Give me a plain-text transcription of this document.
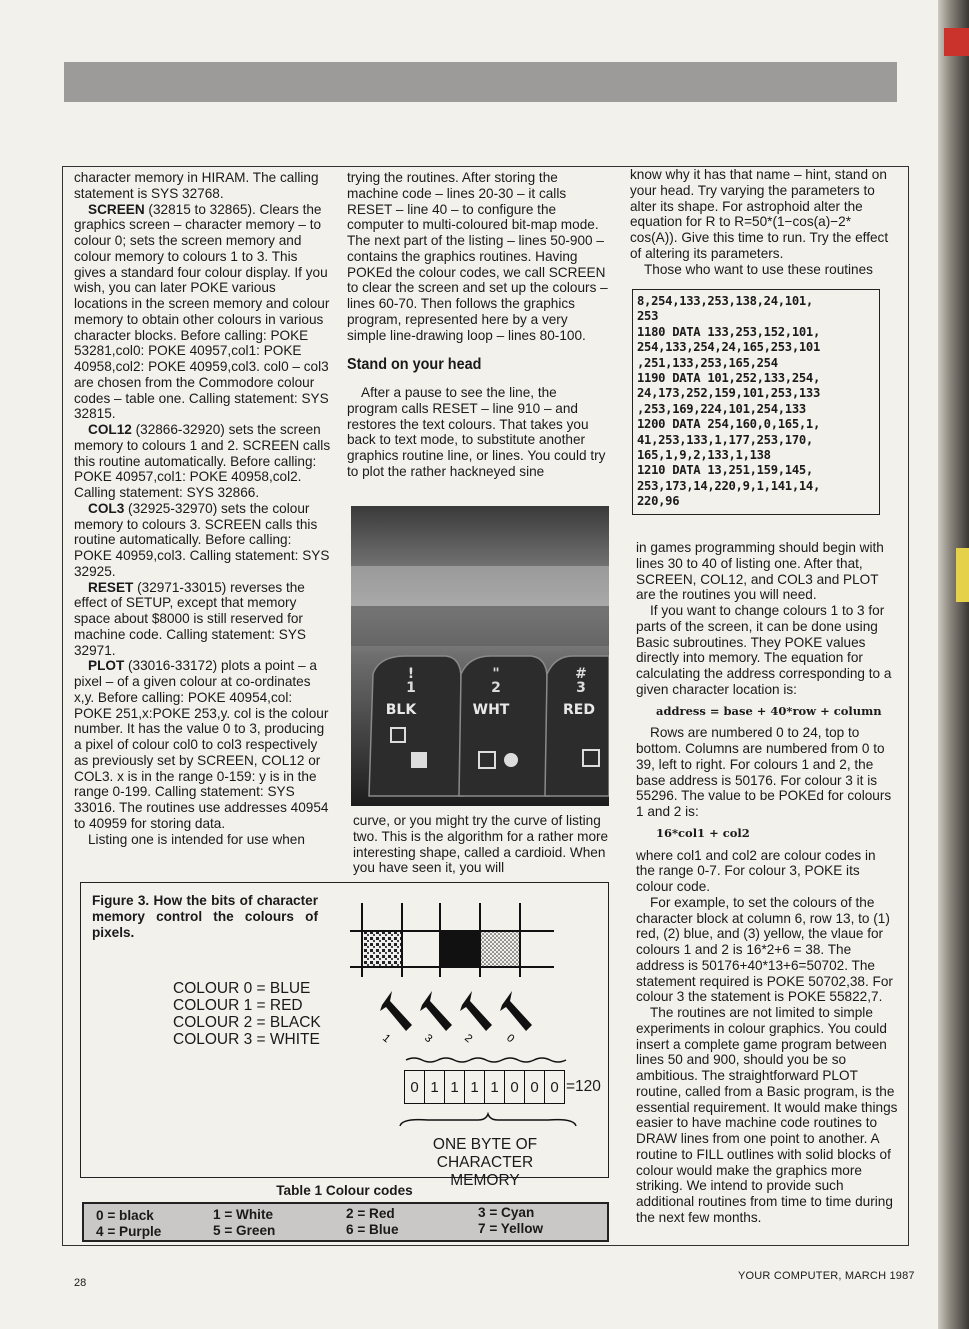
character memory in HIRAM. The calling statement is SYS 32768.

SCREEN (32815 to 32865). Clears the graphics screen – character memory – to colour 0; sets the screen memory and colour memory to colours 1 to 3. This gives a standard four colour display. If you wish, you can later POKE various locations in the screen memory and colour memory to obtain other colours in various character blocks. Before calling: POKE 53281,col0: POKE 40957,col1: POKE 40958,col2: POKE 40959,col3. col0 – col3 are chosen from the Commodore colour codes – table one. Calling statement: SYS 32815.

COL12 (32866-32920) sets the screen memory to colours 1 and 2. SCREEN calls this routine automatically. Before calling: POKE 40957,col1: POKE 40958,col2. Calling statement: SYS 32866.

COL3 (32925-32970) sets the colour memory to colours 3. SCREEN calls this routine automatically. Before calling: POKE 40959,col3. Calling statement: SYS 32925.

RESET (32971-33015) reverses the effect of SETUP, except that memory space about $8000 is still reserved for machine code. Calling statement: SYS 32971.

PLOT (33016-33172) plots a point – a pixel – of a given colour at co-ordinates x,y. Before calling: POKE 40954,col: POKE 251,x:POKE 253,y. col is the colour number. It has the value 0 to 3, producing a pixel of colour col0 to col3 respectively as previously set by SCREEN, COL12 or COL3. x is in the range 0-159: y is in the range 0-199. Calling statement: SYS 33016. The routines use addresses 40954 to 40959 for storing data.

Listing one is intended for use when

trying the routines. After storing the machine code – lines 20-30 – it calls RESET – line 40 – to configure the computer to multi-coloured bit-map mode. The next part of the listing – lines 50-900 – contains the graphics routines. Having POKEd the colour codes, we call SCREEN to clear the screen and set up the colours – lines 60-70. Then follows the graphics program, represented here by a very simple line-drawing loop – lines 80-100.

Stand on your head

After a pause to see the line, the program calls RESET – line 910 – and restores the text colours. That takes you back to text mode, to substitute another graphics routine line, or lines. You could try to plot the rather hackneyed sine

!
1
BLK
"
2
WHT
#
3
RED

curve, or you might try the curve of listing two. This is the algorithm for a rather more interesting shape, called a cardioid. When you have seen it, you will

know why it has that name – hint, stand on your head. Try varying the parameters to alter its shape. For astrophoid alter the equation for R to R=50*(1−cos(a)−2* cos(A)). Give this time to run. Try the effect of altering its parameters.

Those who want to use these routines

8,254,133,253,138,24,101,
253
1180 DATA 133,253,152,101,
254,133,254,24,165,253,101
,251,133,253,165,254
1190 DATA 101,252,133,254,
24,173,252,159,101,253,133
,253,169,224,101,254,133
1200 DATA 254,160,0,165,1,
41,253,133,1,177,253,170,
165,1,9,2,133,1,138
1210 DATA 13,251,159,145,
253,173,14,220,9,1,141,14,
220,96

in games programming should begin with lines 30 to 40 of listing one. After that, SCREEN, COL12, and COL3 and PLOT are the routines you will need.

If you want to change colours 1 to 3 for parts of the screen, it can be done using Basic subroutines. They POKE values directly into memory. The equation for calculating the address corresponding to a given character location is:

address = base + 40*row + column

Rows are numbered 0 to 24, top to bottom. Columns are numbered from 0 to 39, left to right. For colours 1 and 2, the base address is 50176. For colour 3 it is 55296. The value to be POKEd for colours 1 and 2 is:

16*col1 + col2

where col1 and col2 are colour codes in the range 0-7. For colour 3, POKE its colour code.

For example, to set the colours of the character block at column 6, row 13, to (1) red, (2) blue, and (3) yellow, the vlaue for colours 1 and 2 is 16*2+6 = 38. The address is 50176+40*13+6=50702. The statement required is POKE 50702,38. For colour 3 the statement is POKE 55822,7.

The routines are not limited to simple experiments in colour graphics. You could insert a complete game program between lines 50 and 900, should you be so ambitious. The straightforward PLOT routine, called from a Basic program, is the essential requirement. It would make things easier to have machine code routines to DRAW lines from one point to another. A routine to FILL outlines with solid blocks of colour would make the graphics more striking. We intend to provide such additional routines from time to time during the next few months.

Figure 3. How the bits of character memory control the colours of pixels.
COLOUR 0 = BLUE
COLOUR 1 = RED
COLOUR 2 = BLACK
COLOUR 3 = WHITE	1	3	2	0
0 1 1 1 1 0 0 0 =120
ONE BYTE OF
CHARACTER MEMORY
Table 1 Colour codes
0 = black	1 = White	2 = Red	3 = Cyan
4 = Purple	5 = Green	6 = Blue	7 = Yellow
28
YOUR COMPUTER, MARCH 1987
